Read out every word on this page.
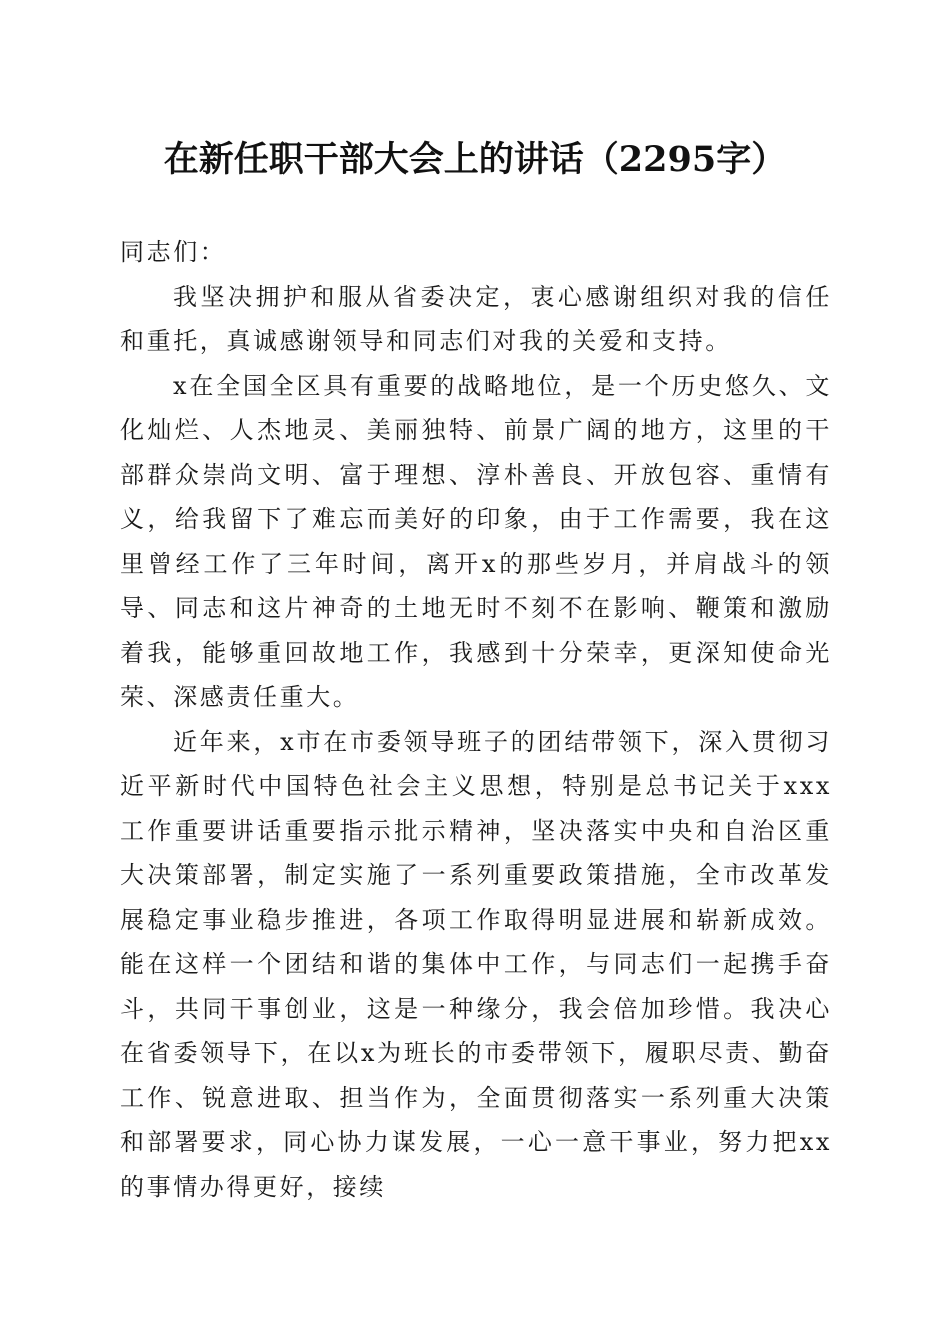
在新任职干部大会上的讲话（2295字）

同志们：

我坚决拥护和服从省委决定，衷心感谢组织对我的信任和重托，真诚感谢领导和同志们对我的关爱和支持。

x在全国全区具有重要的战略地位，是一个历史悠久、文化灿烂、人杰地灵、美丽独特、前景广阔的地方，这里的干部群众崇尚文明、富于理想、淳朴善良、开放包容、重情有义，给我留下了难忘而美好的印象，由于工作需要，我在这里曾经工作了三年时间，离开x的那些岁月，并肩战斗的领导、同志和这片神奇的土地无时不刻不在影响、鞭策和激励着我，能够重回故地工作，我感到十分荣幸，更深知使命光荣、深感责任重大。

近年来，x市在市委领导班子的团结带领下，深入贯彻习近平新时代中国特色社会主义思想，特别是总书记关于xxx工作重要讲话重要指示批示精神，坚决落实中央和自治区重大决策部署，制定实施了一系列重要政策措施，全市改革发展稳定事业稳步推进，各项工作取得明显进展和崭新成效。能在这样一个团结和谐的集体中工作，与同志们一起携手奋斗，共同干事创业，这是一种缘分，我会倍加珍惜。我决心在省委领导下，在以x为班长的市委带领下，履职尽责、勤奋工作、锐意进取、担当作为，全面贯彻落实一系列重大决策和部署要求，同心协力谋发展，一心一意干事业，努力把xx的事情办得更好，接续
